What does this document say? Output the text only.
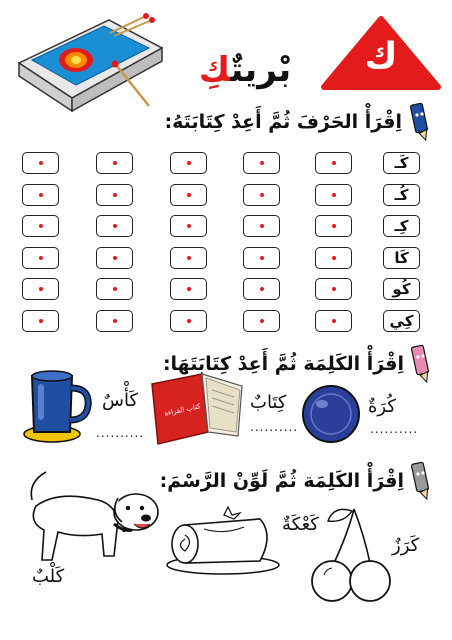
بْريتٌكِ	ك
اِقْرَأْ الحَرْفَ ثُمَّ أَعِدْ كِتَابَتَهُ:
كَـ
كُـ
كِـ
كَا
كُو
كِي
اِقْرَأْ الكَلِمَة ثُمَّ أَعِدْ كِتَابَتَهَا:
كُرَةٌ
..........
كتاب القراءة	كِتَابٌ
..........
كَأْسٌ
..........
اِقْرَأْ الكَلِمَة ثُمَّ لَوِّنْ الرَّسْمَ:
كَرَزٌ
كَعْكَةٌ
كَلْبٌ
